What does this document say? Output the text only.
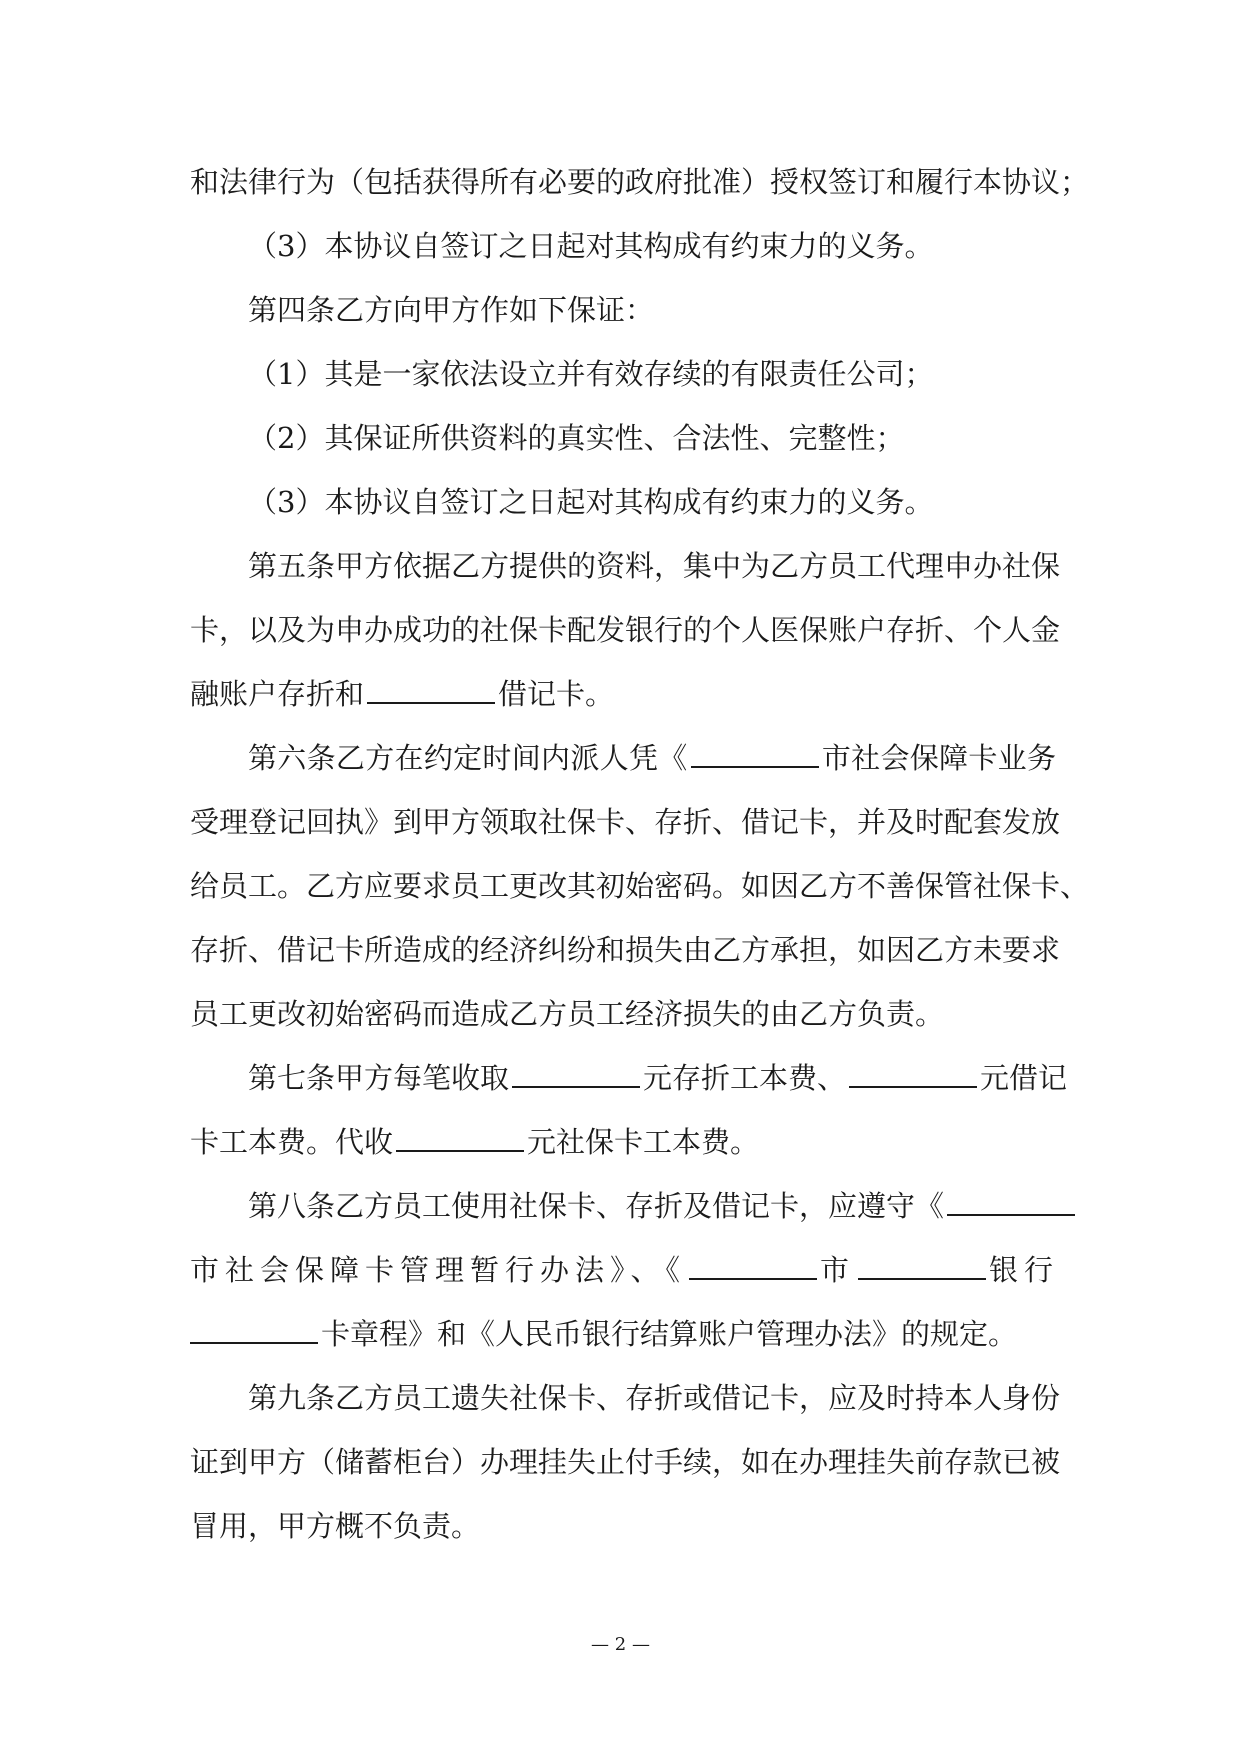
和法律行为（包括获得所有必要的政府批准）授权签订和履行本协议；

（3）本协议自签订之日起对其构成有约束力的义务。

第四条乙方向甲方作如下保证：

（1）其是一家依法设立并有效存续的有限责任公司；

（2）其保证所供资料的真实性、合法性、完整性；

（3）本协议自签订之日起对其构成有约束力的义务。

第五条甲方依据乙方提供的资料，集中为乙方员工代理申办社保

卡，以及为申办成功的社保卡配发银行的个人医保账户存折、个人金

融账户存折和	借记卡。

第六条乙方在约定时间内派人凭《	市社会保障卡业务

受理登记回执》到甲方领取社保卡、存折、借记卡，并及时配套发放

给员工。乙方应要求员工更改其初始密码。如因乙方不善保管社保卡、

存折、借记卡所造成的经济纠纷和损失由乙方承担，如因乙方未要求

员工更改初始密码而造成乙方员工经济损失的由乙方负责。

第七条甲方每笔收取	元存折工本费、	元借记

卡工本费。代收	元社保卡工本费。

第八条乙方员工使用社保卡、存折及借记卡，应遵守《

市社会保障卡管理暂行办法》、《	市	银行

卡章程》和《人民币银行结算账户管理办法》的规定。

第九条乙方员工遗失社保卡、存折或借记卡，应及时持本人身份

证到甲方（储蓄柜台）办理挂失止付手续，如在办理挂失前存款已被

冒用，甲方概不负责。

— 2 —
